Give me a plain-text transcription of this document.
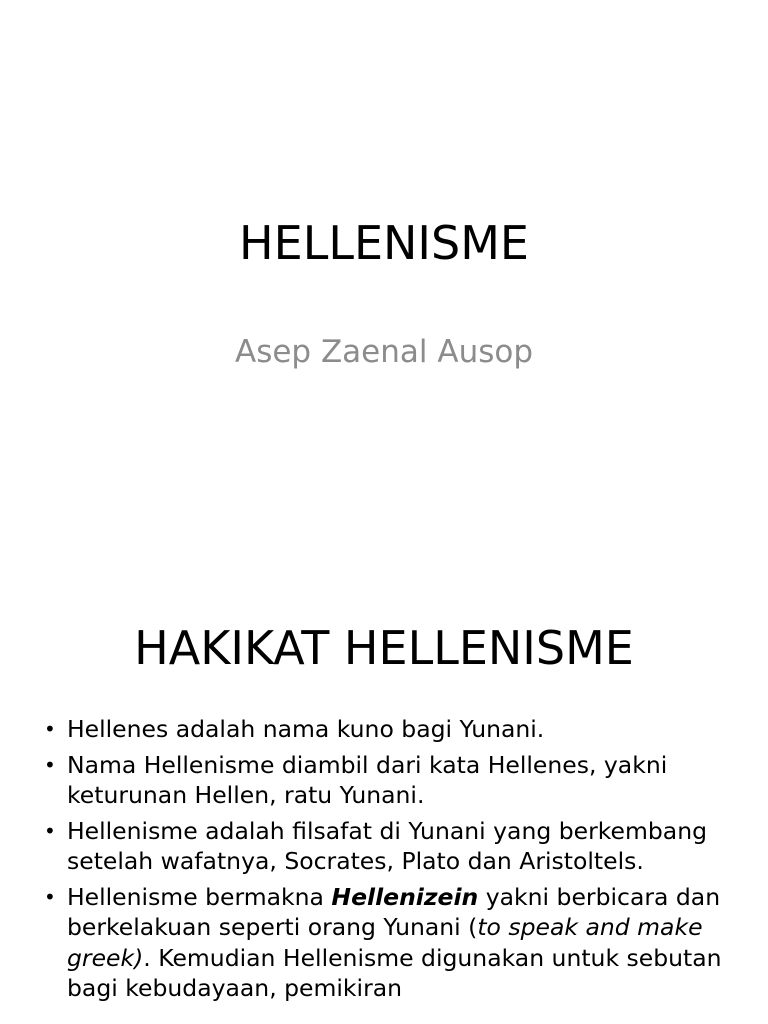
HELLENISME
Asep Zaenal Ausop
HAKIKAT HELLENISME
• Hellenes adalah nama kuno bagi Yunani.
• Nama Hellenisme diambil dari kata Hellenes, yakni keturunan Hellen, ratu Yunani.
• Hellenisme adalah filsafat di Yunani yang berkembang setelah wafatnya, Socrates, Plato dan Aristoltels.
• Hellenisme bermakna Hellenizein yakni berbicara dan berkelakuan seperti orang Yunani (to speak and make greek). Kemudian Hellenisme digunakan untuk sebutan bagi kebudayaan, pemikiran
